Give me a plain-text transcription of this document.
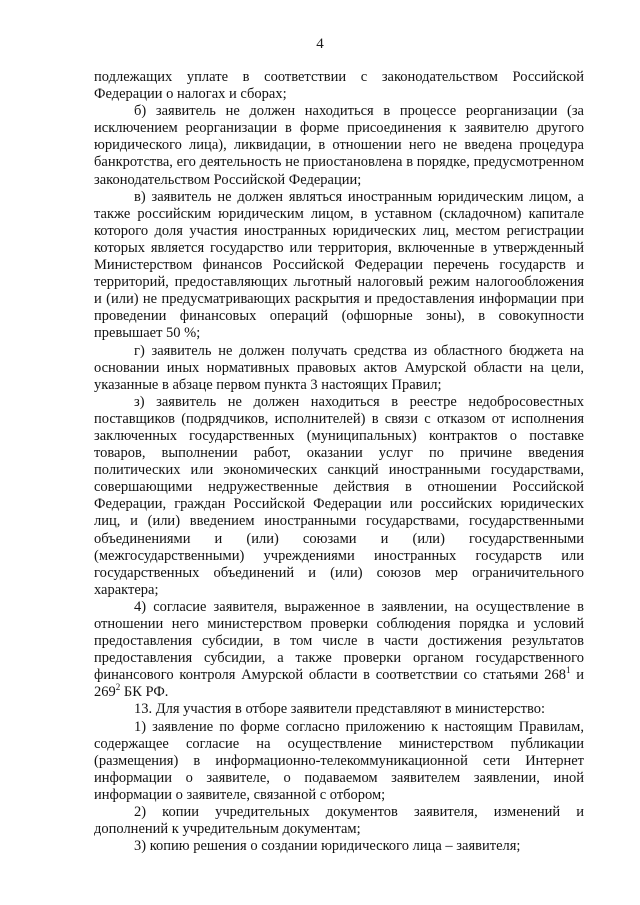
4

подлежащих уплате в соответствии с законодательством Российской Федерации о налогах и сборах;

б) заявитель не должен находиться в процессе реорганизации (за исключением реорганизации в форме присоединения к заявителю другого юридического лица), ликвидации, в отношении него не введена процедура банкротства, его деятельность не приостановлена в порядке, предусмотренном законодательством Российской Федерации;

в) заявитель не должен являться иностранным юридическим лицом, а также российским юридическим лицом, в уставном (складочном) капитале которого доля участия иностранных юридических лиц, местом регистрации которых является государство или территория, включенные в утвержденный Министерством финансов Российской Федерации перечень государств и территорий, предоставляющих льготный налоговый режим налогообложения и (или) не предусматривающих раскрытия и предоставления информации при проведении финансовых операций (офшорные зоны), в совокупности превышает 50 %;

г) заявитель не должен получать средства из областного бюджета на основании иных нормативных правовых актов Амурской области на цели, указанные в абзаце первом пункта 3 настоящих Правил;

з) заявитель не должен находиться в реестре недобросовестных поставщиков (подрядчиков, исполнителей) в связи с отказом от исполнения заключенных государственных (муниципальных) контрактов о поставке товаров, выполнении работ, оказании услуг по причине введения политических или экономических санкций иностранными государствами, совершающими недружественные действия в отношении Российской Федерации, граждан Российской Федерации или российских юридических лиц, и (или) введением иностранными государствами, государственными объединениями и (или) союзами и (или) государственными (межгосударственными) учреждениями иностранных государств или государственных объединений и (или) союзов мер ограничительного характера;

4) согласие заявителя, выраженное в заявлении, на осуществление в отношении него министерством проверки соблюдения порядка и условий предоставления субсидии, в том числе в части достижения результатов предоставления субсидии, а также проверки органом государственного финансового контроля Амурской области в соответствии со статьями $268^1$ и $269^2$ БК РФ.

13. Для участия в отборе заявители представляют в министерство:

1) заявление по форме согласно приложению к настоящим Правилам, содержащее согласие на осуществление министерством публикации (размещения) в информационно-телекоммуникационной сети Интернет информации о заявителе, о подаваемом заявителем заявлении, иной информации о заявителе, связанной с отбором;

2) копии учредительных документов заявителя, изменений и дополнений к учредительным документам;

3) копию решения о создании юридического лица – заявителя;
